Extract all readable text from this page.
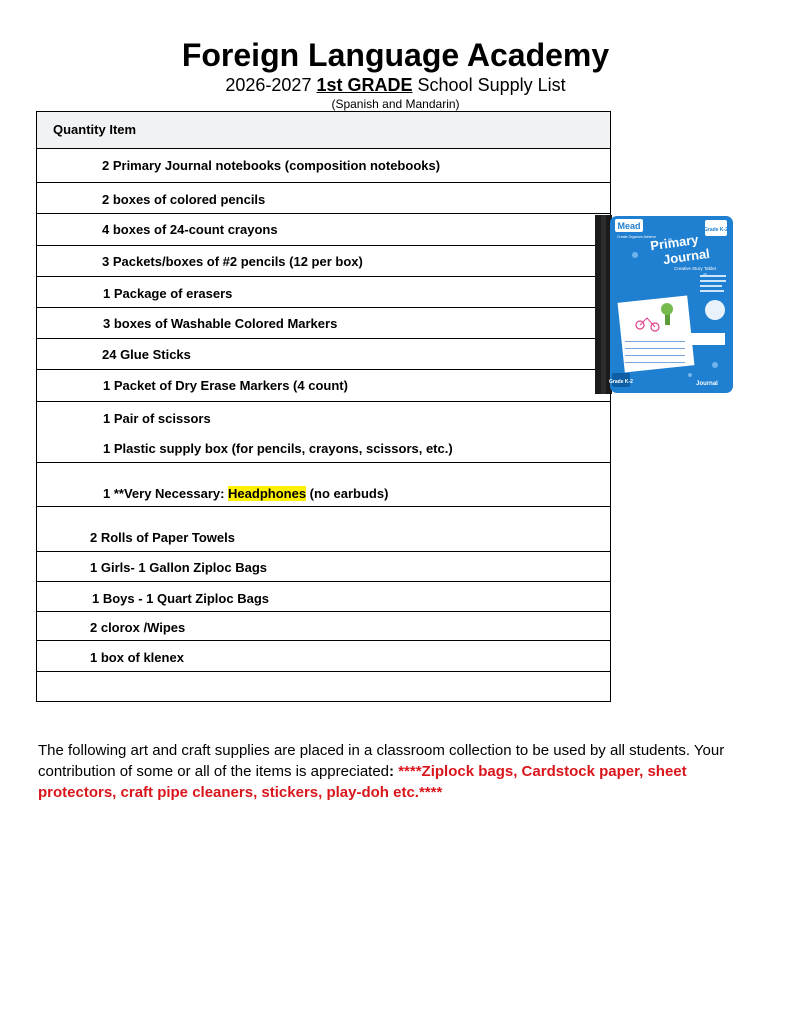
Foreign Language Academy
2026-2027 1st GRADE School Supply List
(Spanish and Mandarin)
Quantity Item
2 Primary Journal notebooks (composition notebooks)
2 boxes of colored pencils
4 boxes of 24-count crayons
3 Packets/boxes of #2 pencils (12 per box)
1 Package of erasers
3 boxes of Washable Colored Markers
24 Glue Sticks
1 Packet of Dry Erase Markers (4 count)
1 Pair of scissors
1 Plastic supply box (for pencils, crayons, scissors, etc.)
1 **Very Necessary: Headphones (no earbuds)
2 Rolls of Paper Towels
1 Girls- 1 Gallon Ziploc Bags
1 Boys - 1 Quart Ziploc Bags
2 clorox /Wipes
1 box of klenex
Mead
Create Organize Achieve
Grade K-2
Primary
Journal
Creative Story Tablet
Grade K-2	Journal
The following art and craft supplies are placed in a classroom collection to be used by all students. Your contribution of some or all of the items is appreciated: ****Ziplock bags, Cardstock paper, sheet protectors, craft pipe cleaners, stickers, play-doh etc.****
